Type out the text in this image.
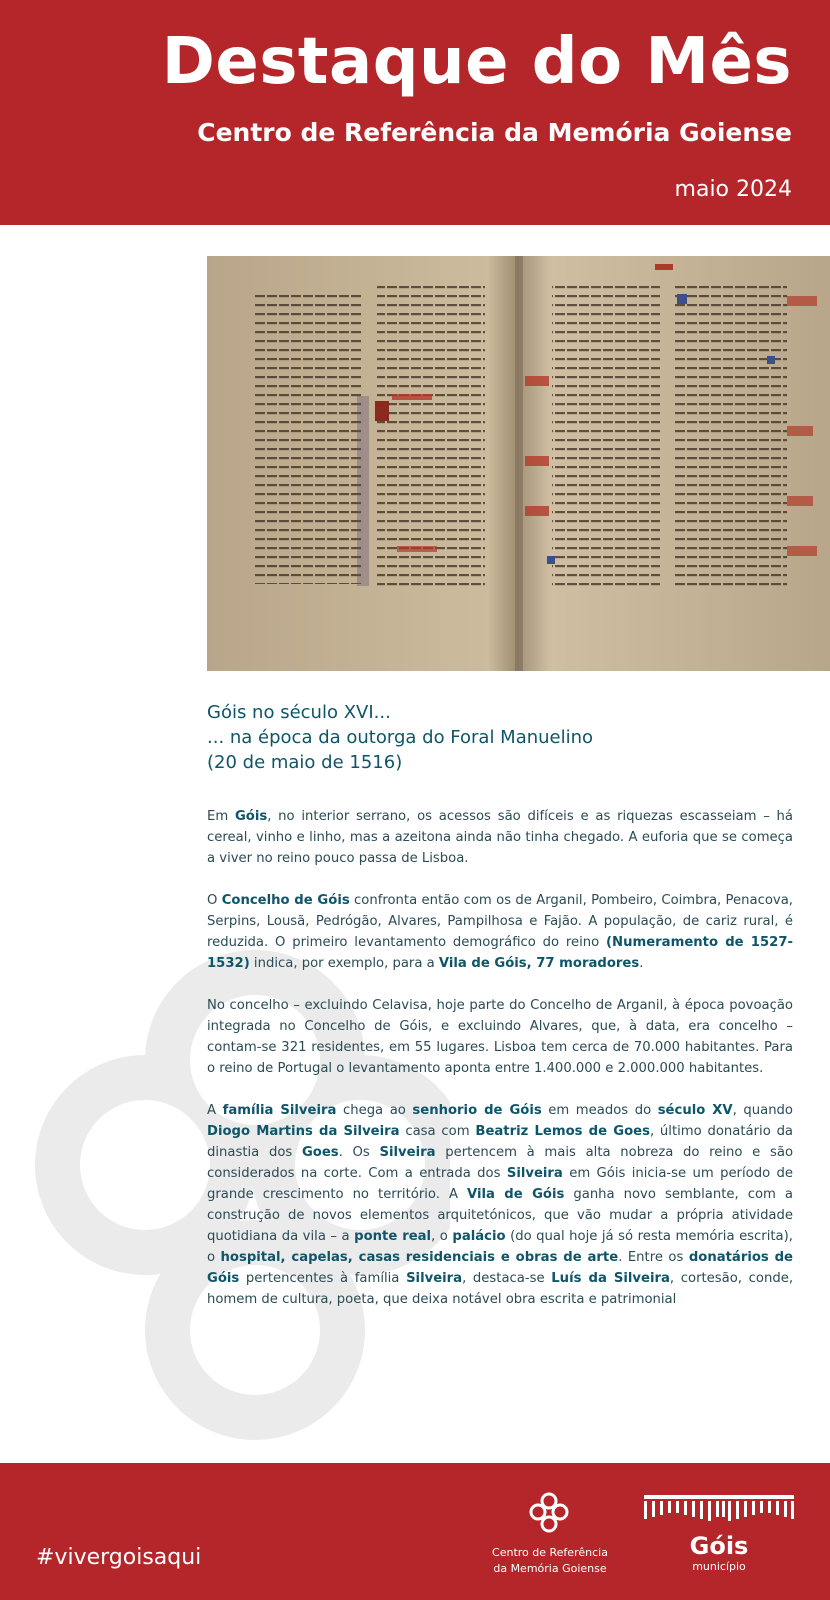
Destaque do Mês
Centro de Referência da Memória Goiense
maio 2024
Góis no século XVI...
... na época da outorga do Foral Manuelino
(20 de maio de 1516)

Em Góis, no interior serrano, os acessos são difíceis e as riquezas escasseiam – há cereal, vinho e linho, mas a azeitona ainda não tinha chegado. A euforia que se começa a viver no reino pouco passa de Lisboa.

O Concelho de Góis confronta então com os de Arganil, Pombeiro, Coimbra, Penacova, Serpins, Lousã, Pedrógão, Alvares, Pampilhosa e Fajão. A população, de cariz rural, é reduzida. O primeiro levantamento demográfico do reino (Numeramento de 1527-1532) indica, por exemplo, para a Vila de Góis, 77 moradores.

No concelho – excluindo Celavisa, hoje parte do Concelho de Arganil, à época povoação integrada no Concelho de Góis, e excluindo Alvares, que, à data, era concelho – contam-se 321 residentes, em 55 lugares. Lisboa tem cerca de 70.000 habitantes. Para o reino de Portugal o levantamento aponta entre 1.400.000 e 2.000.000 habitantes.

A família Silveira chega ao senhorio de Góis em meados do século XV, quando Diogo Martins da Silveira casa com Beatriz Lemos de Goes, último donatário da dinastia dos Goes. Os Silveira pertencem à mais alta nobreza do reino e são considerados na corte. Com a entrada dos Silveira em Góis inicia-se um período de grande crescimento no território. A Vila de Góis ganha novo semblante, com a construção de novos elementos arquitetónicos, que vão mudar a própria atividade quotidiana da vila – a ponte real, o palácio (do qual hoje já só resta memória escrita), o hospital, capelas, casas residenciais e obras de arte. Entre os donatários de Góis pertencentes à família Silveira, destaca-se Luís da Silveira, cortesão, conde, homem de cultura, poeta, que deixa notável obra escrita e patrimonial

#vivergoisaqui	Centro de Referência
da Memória Goiense
Góis
município
